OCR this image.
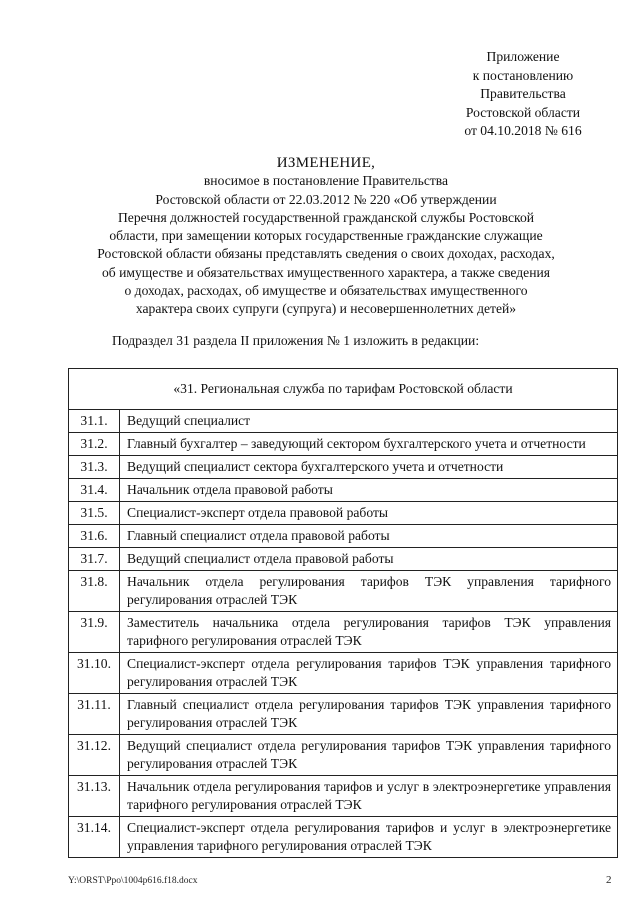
Приложение
к постановлению
Правительства
Ростовской области
от 04.10.2018 № 616
ИЗМЕНЕНИЕ,
вносимое в постановление Правительства
Ростовской области от 22.03.2012 № 220 «Об утверждении
Перечня должностей государственной гражданской службы Ростовской
области, при замещении которых государственные гражданские служащие
Ростовской области обязаны представлять сведения о своих доходах, расходах,
об имуществе и обязательствах имущественного характера, а также сведения
о доходах, расходах, об имуществе и обязательствах имущественного
характера своих супруги (супруга) и несовершеннолетних детей»
Подраздел 31 раздела II приложения № 1 изложить в редакции:
«31. Региональная служба по тарифам Ростовской области	
31.1.	Ведущий специалист
31.2.	Главный бухгалтер – заведующий сектором бухгалтерского учета и отчетности
31.3.	Ведущий специалист сектора бухгалтерского учета и отчетности
31.4.	Начальник отдела правовой работы
31.5.	Специалист-эксперт отдела правовой работы
31.6.	Главный специалист отдела правовой работы
31.7.	Ведущий специалист отдела правовой работы
31.8.	Начальник отдела регулирования тарифов ТЭК управления тарифного регулирования отраслей ТЭК
31.9.	Заместитель начальника отдела регулирования тарифов ТЭК управления тарифного регулирования отраслей ТЭК
31.10.	Специалист-эксперт отдела регулирования тарифов ТЭК управления тарифного регулирования отраслей ТЭК
31.11.	Главный специалист отдела регулирования тарифов ТЭК управления тарифного регулирования отраслей ТЭК
31.12.	Ведущий специалист отдела регулирования тарифов ТЭК управления тарифного регулирования отраслей ТЭК
31.13.	Начальник отдела регулирования тарифов и услуг в электроэнергетике управления тарифного регулирования отраслей ТЭК
31.14.	Специалист-эксперт отдела регулирования тарифов и услуг в электроэнергетике управления тарифного регулирования отраслей ТЭК
Y:\ORST\Ppo\1004p616.f18.docx	2
